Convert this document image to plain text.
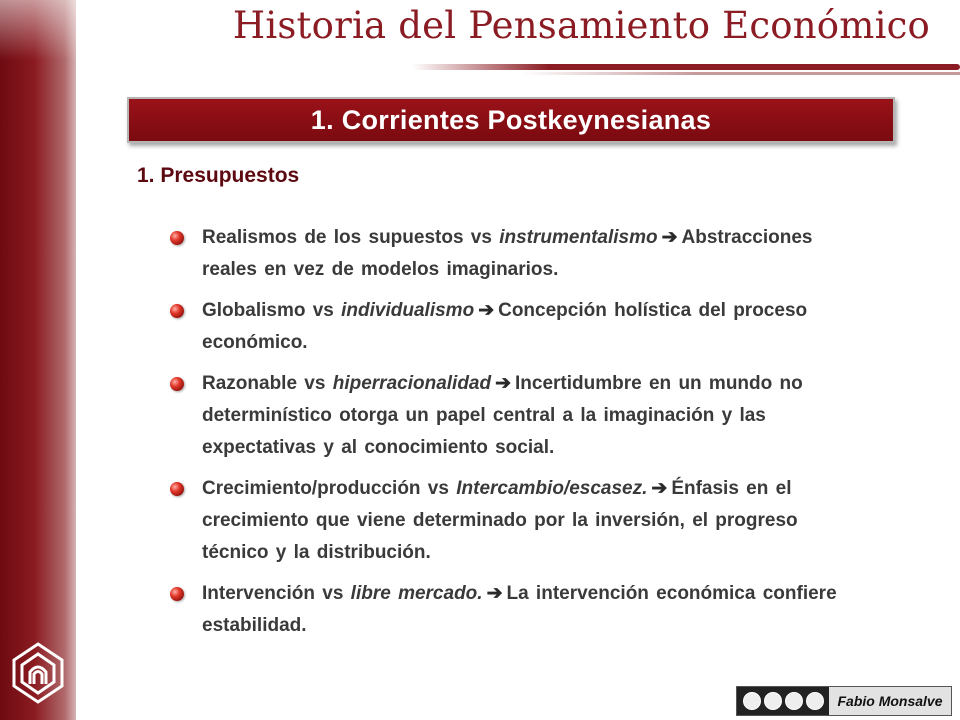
Historia del Pensamiento Económico
1. Corrientes Postkeynesianas
1. Presupuestos
Realismos de los supuestos vs instrumentalismo ➔ Abstracciones reales en vez de modelos imaginarios.
Globalismo vs individualismo ➔ Concepción holística del proceso económico.
Razonable vs hiperracionalidad ➔ Incertidumbre en un mundo no determinístico otorga un papel central a la imaginación y las expectativas y al conocimiento social.
Crecimiento/producción vs Intercambio/escasez. ➔ Énfasis en el crecimiento que viene determinado por la inversión, el progreso técnico y la distribución.
Intervención vs libre mercado. ➔ La intervención económica confiere estabilidad.
Fabio Monsalve
